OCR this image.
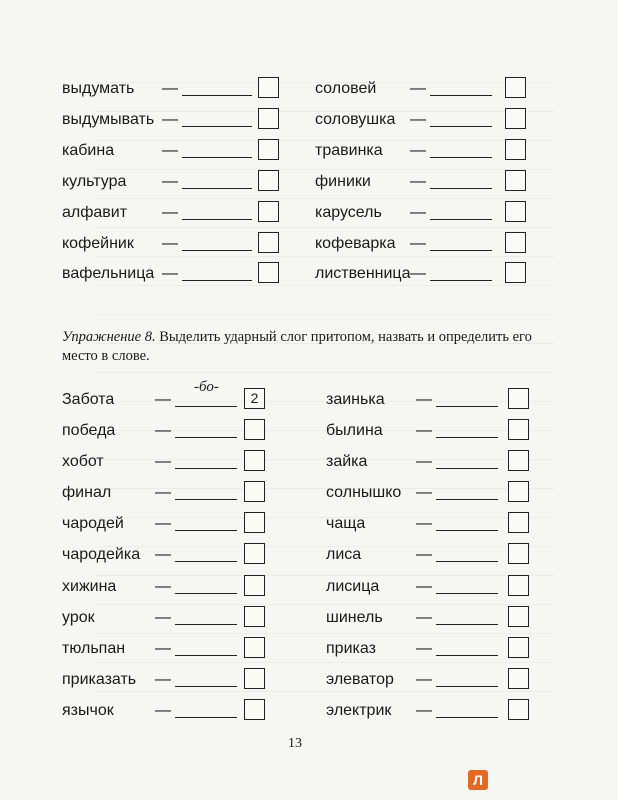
выдумать —
выдумывать —
кабина	—
культура —
алфавит —
кофейник —
вафельница —
соловей —
соловушка —
травинка —
финики —
карусель —
кофеварка —
лиственница —
Упражнение 8. Выделить ударный слог притопом, назвать и определить его место в слове.
Забота	—	2
-бо-
победа —
хобот	—
финал	—
чародей —
чародейка —
хижина —
урок	—
тюльпан —
приказать —
язычок	—
заинька —
былина —
зайка	—
солнышко —
чаща	—
лиса	—
лисица —
шинель —
приказ	—
элеватор —
электрик —
13
Л
